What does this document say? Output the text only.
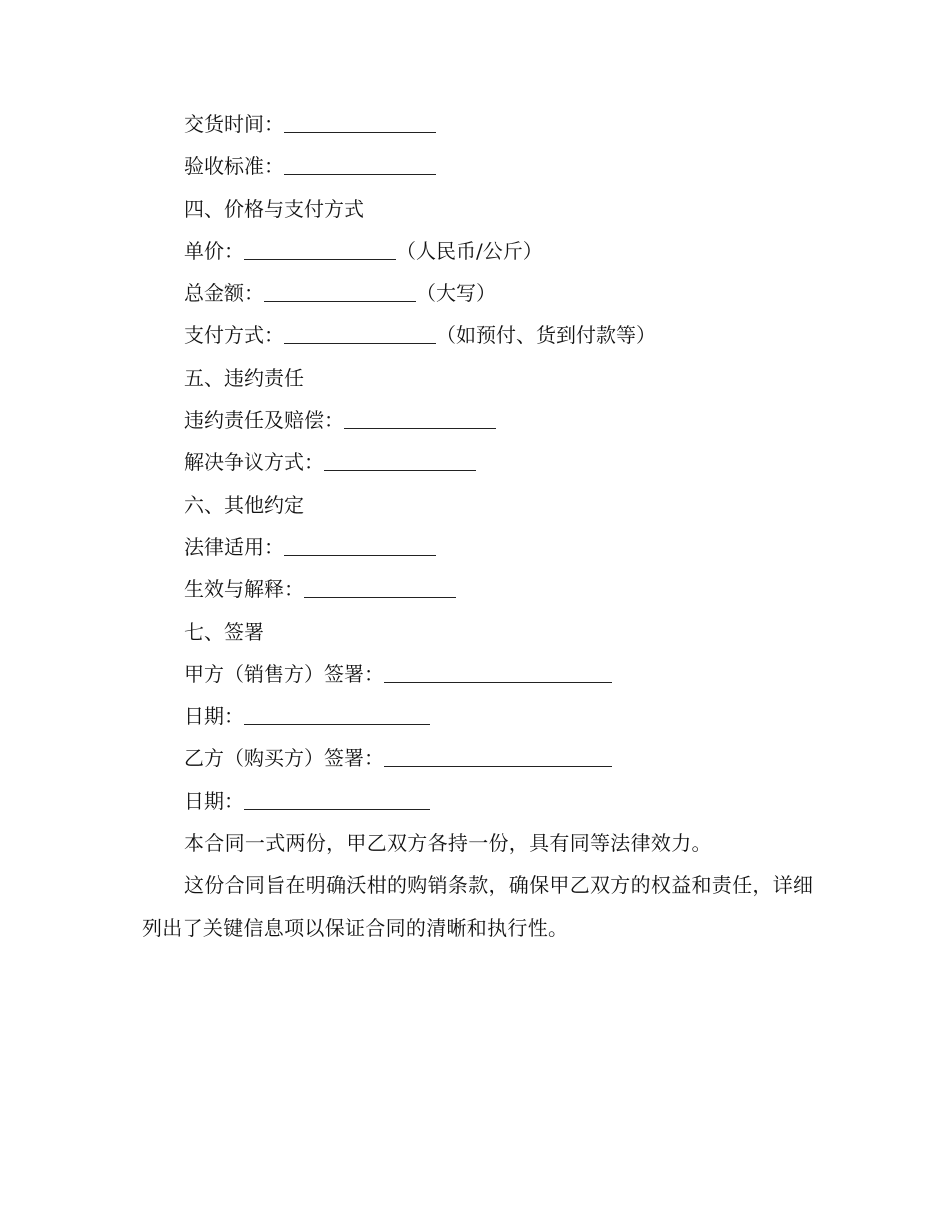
交货时间：
验收标准：
四、价格与支付方式
单价：	（人民币/公斤）
总金额：	（大写）
支付方式：	（如预付、货到付款等）
五、违约责任
违约责任及赔偿：
解决争议方式：
六、其他约定
法律适用：
生效与解释：
七、签署
甲方（销售方）签署：
日期：
乙方（购买方）签署：
日期：
本合同一式两份，甲乙双方各持一份，具有同等法律效力。
这份合同旨在明确沃柑的购销条款，确保甲乙双方的权益和责任，详细列出了关键信息项以保证合同的清晰和执行性。
